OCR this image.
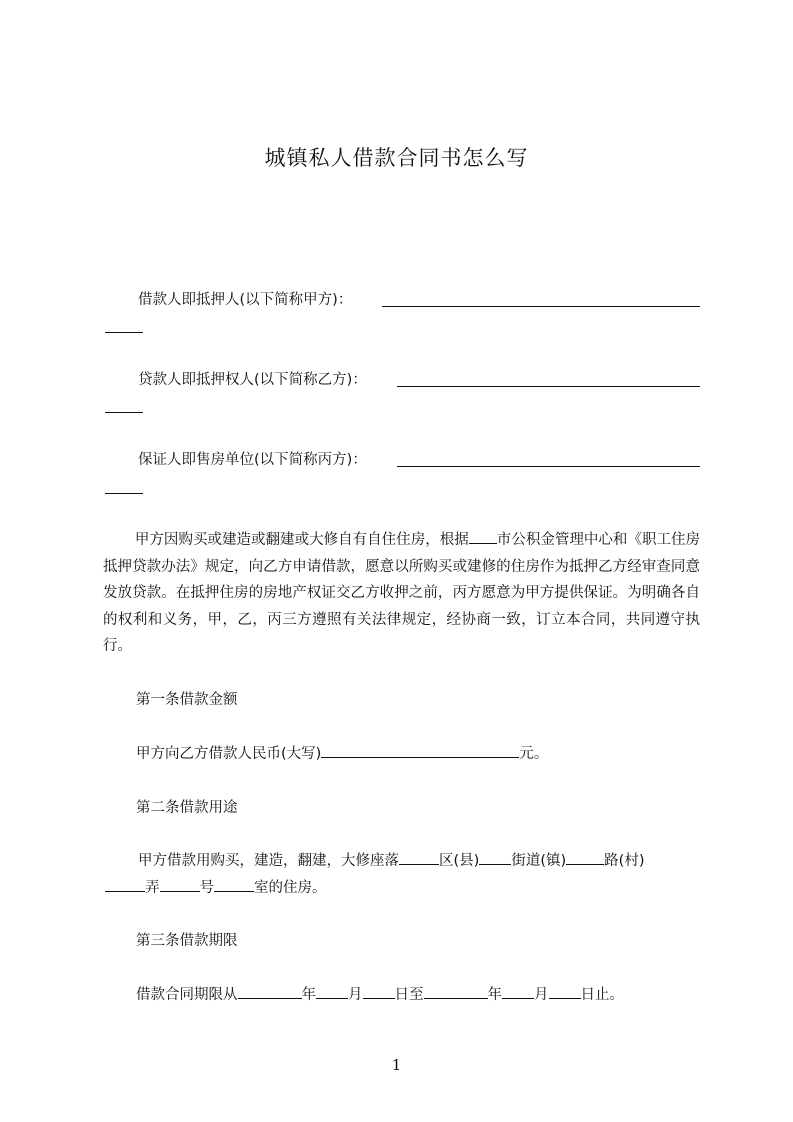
城镇私人借款合同书怎么写
借款人即抵押人(以下简称甲方)：
贷款人即抵押权人(以下简称乙方)：
保证人即售房单位(以下简称丙方)：
甲方因购买或建造或翻建或大修自有自住住房，根据 市公积金管理中心和《职工住房抵押贷款办法》规定，向乙方申请借款，愿意以所购买或建修的住房作为抵押乙方经审查同意发放贷款。在抵押住房的房地产权证交乙方收押之前，丙方愿意为甲方提供保证。为明确各自的权利和义务，甲，乙，丙三方遵照有关法律规定，经协商一致，订立本合同，共同遵守执行。
第一条借款金额
甲方向乙方借款人民币(大写)	元。
第二条借款用途
甲方借款用购买，建造，翻建，大修座落	区(县) 街道(镇)	路(村)
弄	号	室的住房。
第三条借款期限
借款合同期限从	年 月 日至	年 月 日止。
1
